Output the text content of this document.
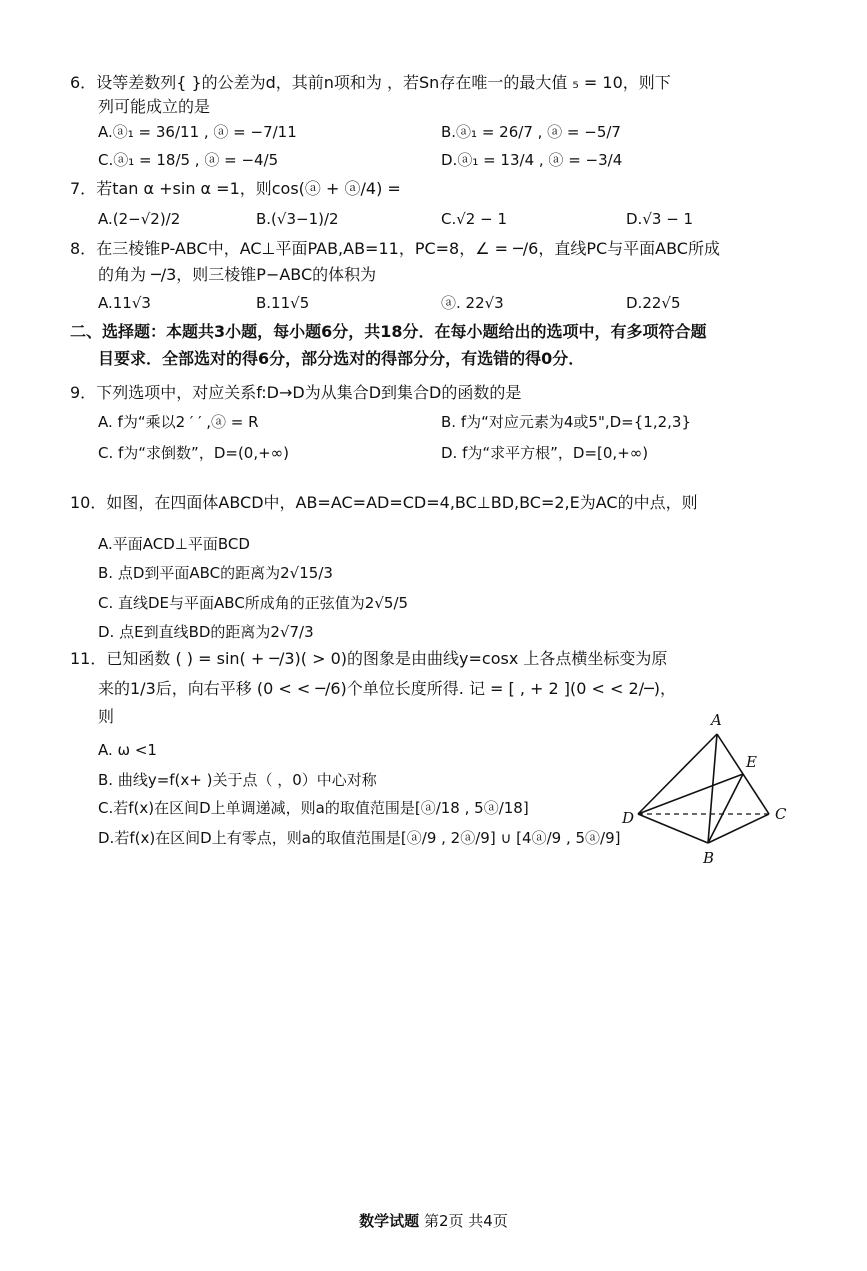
6．设等差数列{ }的公差为d，其前n项和为 ，若Sn存在唯一的最大值 ₅ = 10，则下
列可能成立的是
A.ⓐ₁ = 36/11 , ⓐ = −7/11	B.ⓐ₁ = 26/7 , ⓐ = −5/7
C.ⓐ₁ = 18/5 , ⓐ = −4/5	D.ⓐ₁ = 13/4 , ⓐ = −3/4
7．若tan α +sin α =1，则cos(ⓐ + ⓐ/4) =
A.(2−√2)/2	B.(√3−1)/2	C.√2 − 1	D.√3 − 1
8．在三棱锥P-ABC中，AC⊥平面PAB,AB=11，PC=8，∠ = ─/6，直线PC与平面ABC所成
的角为 ─/3，则三棱锥P−ABC的体积为
A.11√3	B.11√5	ⓐ. 22√3	D.22√5
二、选择题：本题共3小题，每小题6分，共18分．在每小题给出的选项中，有多项符合题
目要求．全部选对的得6分，部分选对的得部分分，有选错的得0分．
9．下列选项中，对应关系f:D→D为从集合D到集合D的函数的是
A. f为“乘以2 ′ ′ ,ⓐ = R	B. f为“对应元素为4或5",D={1,2,3}
C. f为“求倒数”，D=(0,+∞)	D. f为“求平方根”，D=[0,+∞)
10．如图，在四面体ABCD中，AB=AC=AD=CD=4,BC⊥BD,BC=2,E为AC的中点，则
A.平面ACD⊥平面BCD
B. 点D到平面ABC的距离为2√15/3
C. 直线DE与平面ABC所成角的正弦值为2√5/5
D. 点E到直线BD的距离为2√7/3
11．已知函数 ( ) = sin( + ─/3)( > 0)的图象是由曲线y=cosx 上各点横坐标变为原
来的1/3后，向右平移 (0 < < ─/6)个单位长度所得. 记 = [ , + 2 ](0 < < 2/─)，
则
A. ω <1
B. 曲线y=f(x+ )关于点（ ，0）中心对称
C.若f(x)在区间D上单调递减，则a的取值范围是[ⓐ/18 , 5ⓐ/18]
D.若f(x)在区间D上有零点，则a的取值范围是[ⓐ/9 , 2ⓐ/9] ∪ [4ⓐ/9 , 5ⓐ/9]
A
E
D	C
B
数学试题 第2页 共4页
